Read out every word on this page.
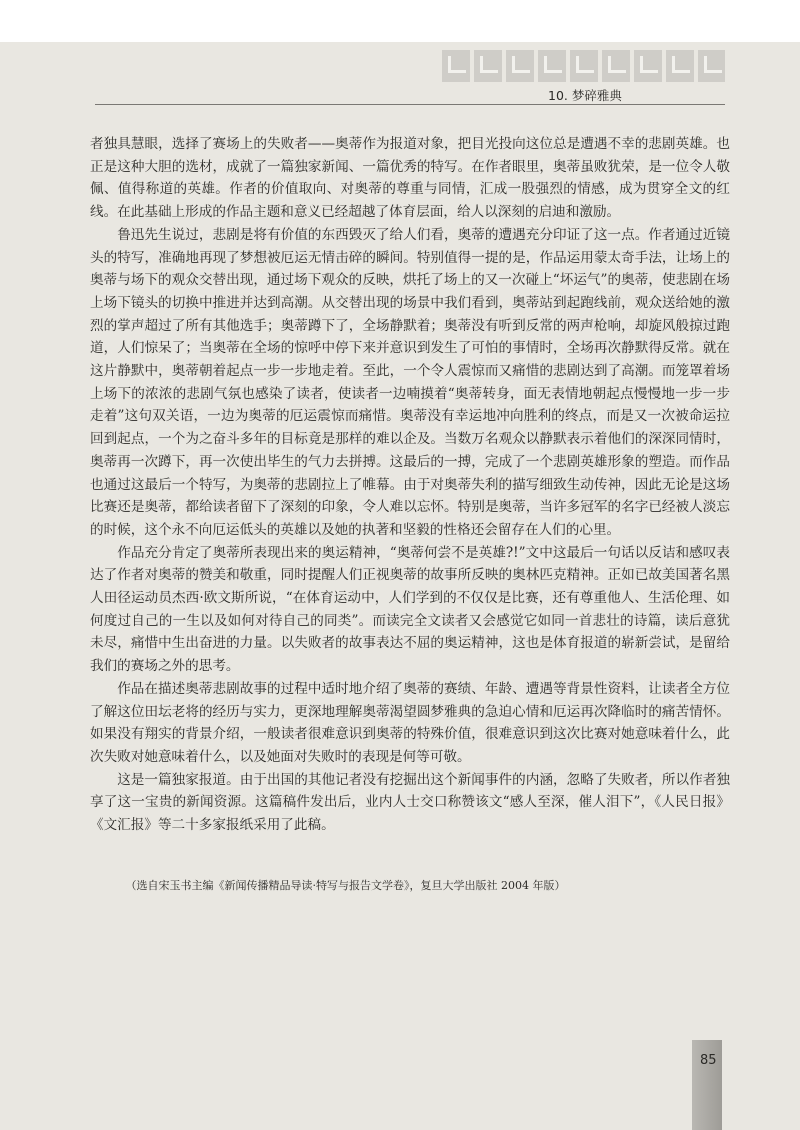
10. 梦碎雅典

者独具慧眼，选择了赛场上的失败者——奥蒂作为报道对象，把目光投向这位总是遭遇不幸的悲剧英雄。也正是这种大胆的选材，成就了一篇独家新闻、一篇优秀的特写。在作者眼里，奥蒂虽败犹荣，是一位令人敬佩、值得称道的英雄。作者的价值取向、对奥蒂的尊重与同情，汇成一股强烈的情感，成为贯穿全文的红线。在此基础上形成的作品主题和意义已经超越了体育层面，给人以深刻的启迪和激励。

鲁迅先生说过，悲剧是将有价值的东西毁灭了给人们看，奥蒂的遭遇充分印证了这一点。作者通过近镜头的特写，准确地再现了梦想被厄运无情击碎的瞬间。特别值得一提的是，作品运用蒙太奇手法，让场上的奥蒂与场下的观众交替出现，通过场下观众的反映，烘托了场上的又一次碰上“坏运气”的奥蒂，使悲剧在场上场下镜头的切换中推进并达到高潮。从交替出现的场景中我们看到，奥蒂站到起跑线前，观众送给她的激烈的掌声超过了所有其他选手；奥蒂蹲下了，全场静默着；奥蒂没有听到反常的两声枪响，却旋风般掠过跑道，人们惊呆了；当奥蒂在全场的惊呼中停下来并意识到发生了可怕的事情时，全场再次静默得反常。就在这片静默中，奥蒂朝着起点一步一步地走着。至此，一个令人震惊而又痛惜的悲剧达到了高潮。而笼罩着场上场下的浓浓的悲剧气氛也感染了读者，使读者一边喃摸着“奥蒂转身，面无表情地朝起点慢慢地一步一步走着”这句双关语，一边为奥蒂的厄运震惊而痛惜。奥蒂没有幸运地冲向胜利的终点，而是又一次被命运拉回到起点，一个为之奋斗多年的目标竟是那样的难以企及。当数万名观众以静默表示着他们的深深同情时，奥蒂再一次蹲下，再一次使出毕生的气力去拼搏。这最后的一搏，完成了一个悲剧英雄形象的塑造。而作品也通过这最后一个特写，为奥蒂的悲剧拉上了帷幕。由于对奥蒂失利的描写细致生动传神，因此无论是这场比赛还是奥蒂，都给读者留下了深刻的印象，令人难以忘怀。特别是奥蒂，当许多冠军的名字已经被人淡忘的时候，这个永不向厄运低头的英雄以及她的执著和坚毅的性格还会留存在人们的心里。

作品充分肯定了奥蒂所表现出来的奥运精神，“奥蒂何尝不是英雄?!”文中这最后一句话以反诘和感叹表达了作者对奥蒂的赞美和敬重，同时提醒人们正视奥蒂的故事所反映的奥林匹克精神。正如已故美国著名黑人田径运动员杰西·欧文斯所说，“在体育运动中，人们学到的不仅仅是比赛，还有尊重他人、生活伦理、如何度过自己的一生以及如何对待自己的同类”。而读完全文读者又会感觉它如同一首悲壮的诗篇，读后意犹未尽，痛惜中生出奋进的力量。以失败者的故事表达不屈的奥运精神，这也是体育报道的崭新尝试，是留给我们的赛场之外的思考。

作品在描述奥蒂悲剧故事的过程中适时地介绍了奥蒂的赛绩、年龄、遭遇等背景性资料，让读者全方位了解这位田坛老将的经历与实力，更深地理解奥蒂渴望圆梦雅典的急迫心情和厄运再次降临时的痛苦情怀。如果没有翔实的背景介绍，一般读者很难意识到奥蒂的特殊价值，很难意识到这次比赛对她意味着什么，此次失败对她意味着什么，以及她面对失败时的表现是何等可敬。

这是一篇独家报道。由于出国的其他记者没有挖掘出这个新闻事件的内涵，忽略了失败者，所以作者独享了这一宝贵的新闻资源。这篇稿件发出后，业内人士交口称赞该文“感人至深，催人泪下”，《人民日报》《文汇报》等二十多家报纸采用了此稿。

（选自宋玉书主编《新闻传播精品导读·特写与报告文学卷》，复旦大学出版社 2004 年版）
85
